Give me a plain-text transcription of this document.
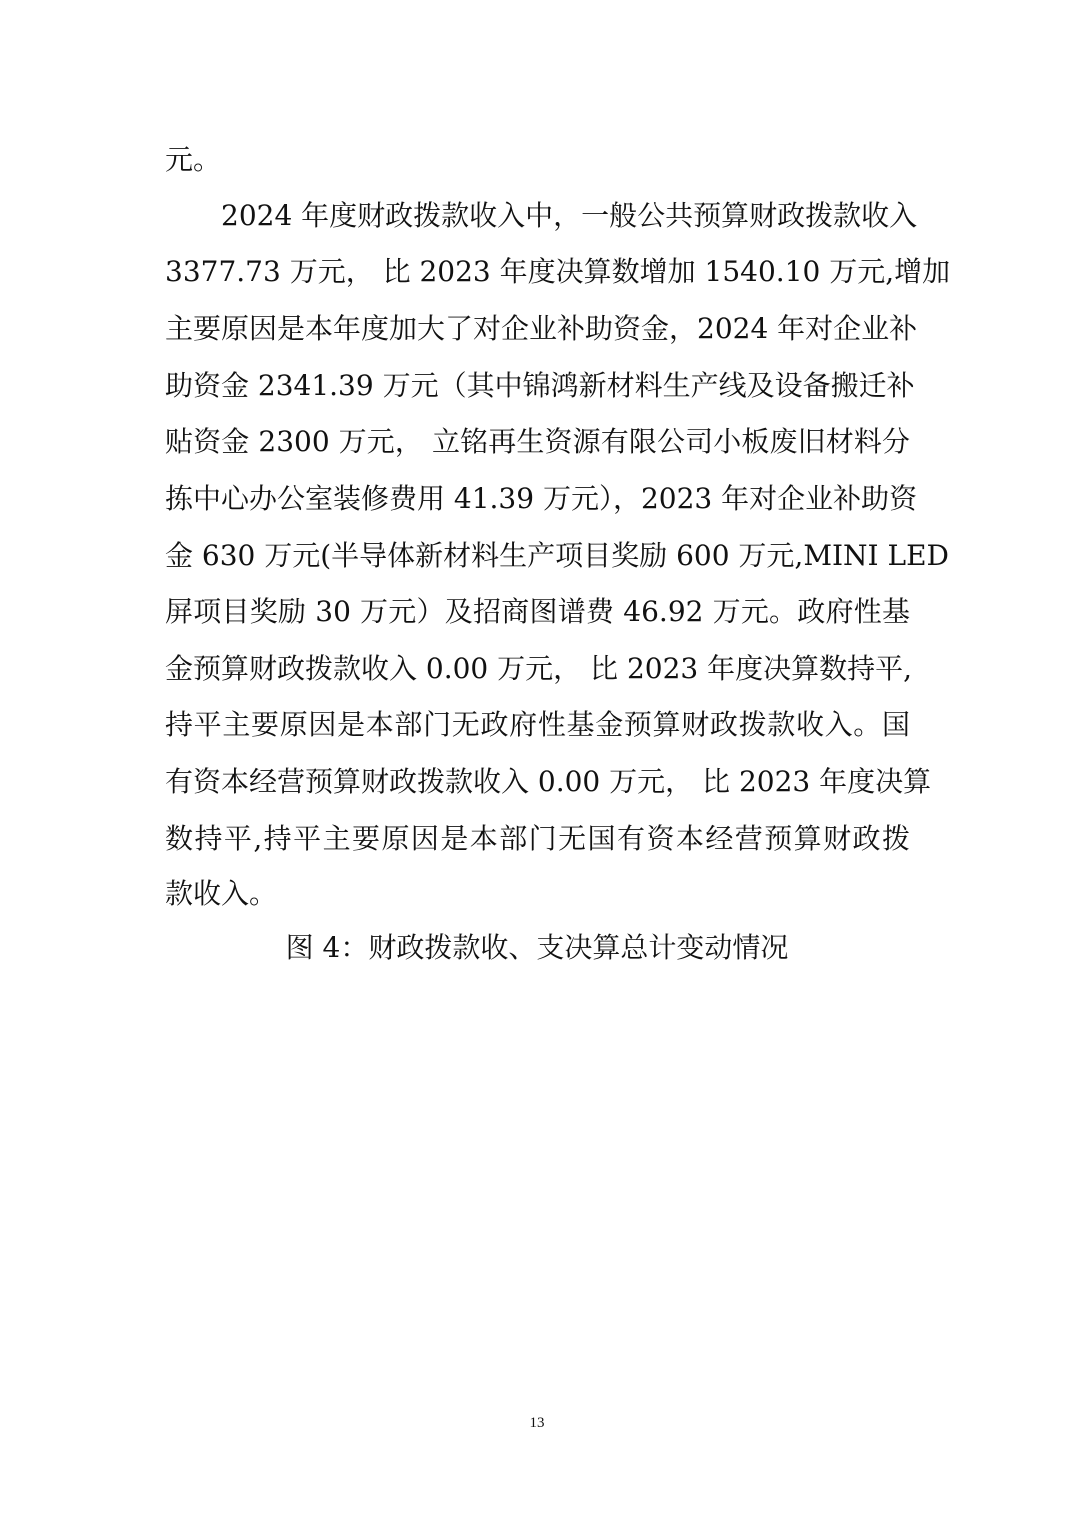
元。
2024 年度财政拨款收入中，一般公共预算财政拨款收入
3377.73 万元， 比 2023 年度决算数增加 1540.10 万元,增加
主要原因是本年度加大了对企业补助资金，2024 年对企业补
助资金 2341.39 万元（其中锦鸿新材料生产线及设备搬迁补
贴资金 2300 万元， 立铭再生资源有限公司小板废旧材料分
拣中心办公室装修费用 41.39 万元），2023 年对企业补助资
金 630 万元(半导体新材料生产项目奖励 600 万元,MINI LED
屏项目奖励 30 万元）及招商图谱费 46.92 万元。政府性基
金预算财政拨款收入 0.00 万元， 比 2023 年度决算数持平,
持平主要原因是本部门无政府性基金预算财政拨款收入。国
有资本经营预算财政拨款收入 0.00 万元， 比 2023 年度决算
数持平,持平主要原因是本部门无国有资本经营预算财政拨
款收入。
图 4：财政拨款收、支决算总计变动情况
13
